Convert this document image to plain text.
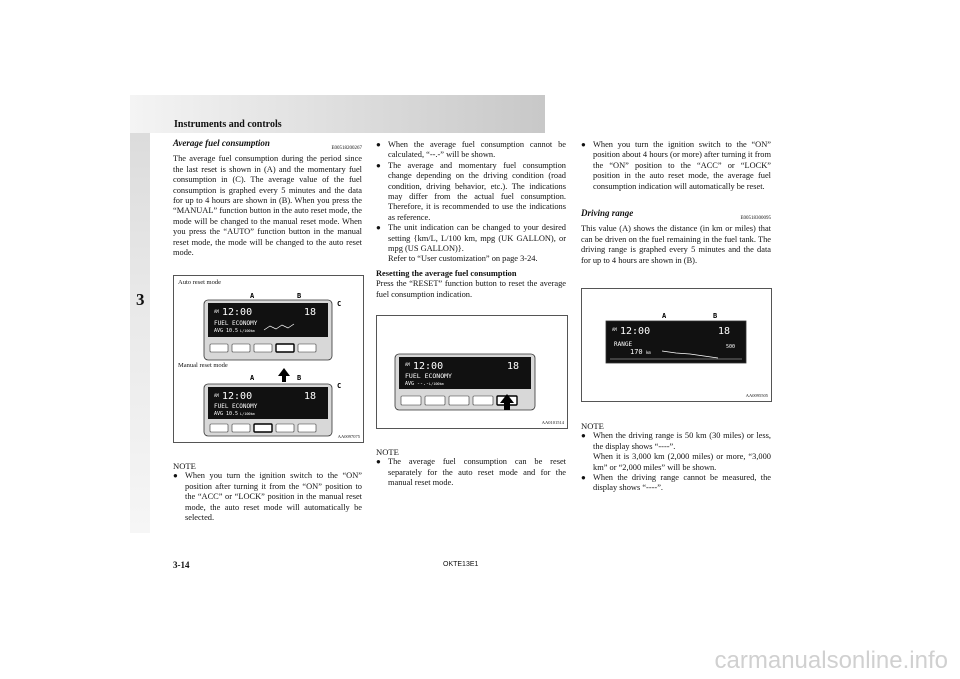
Instruments and controls
3
Average fuel consumption
E00518200267

The average fuel consumption during the period since the last reset is shown in (A) and the momentary fuel consumption in (C). The average value of the fuel consumption is graphed every 5 minutes and the data for up to 4 hours are shown in (B). When you press the “MANUAL” function button in the auto reset mode, the mode will be changed to the manual reset mode. When you press the “AUTO” function button in the manual reset mode, the mode will be changed to the auto reset mode.

Auto reset mode
Manual reset mode
AM 12:00	18
FUEL ECONOMY
AVG 10.5 L/100km
A	B
C
AM 12:00	18
FUEL ECONOMY
AVG 10.5 L/100km
A	B
C
AA0097075

NOTE

●
When you turn the ignition switch to the “ON” position after turning it from the “ON” position to the “ACC” or “LOCK” position in the manual reset mode, the auto reset mode will automatically be selected.

●
When the average fuel consumption cannot be calculated, “--.-” will be shown.

●
The average and momentary fuel consumption change depending on the driving condition (road condition, driving behavior, etc.). The indications may differ from the actual fuel consumption. Therefore, it is recommended to use the indications as reference.

●
The unit indication can be changed to your desired setting {km/L, L/100 km, mpg (UK GALLON), or mpg (US GALLON)}.

Refer to “User customization” on page 3-24.

Resetting the average fuel consumption

Press the “RESET” function button to reset the average fuel consumption indication.

AM 12:00	18
FUEL ECONOMY
AVG --.- L/100km
AA0101514

NOTE

●
The average fuel consumption can be reset separately for the auto reset mode and for the manual reset mode.

●
When you turn the ignition switch to the “ON” position about 4 hours (or more) after turning it from the “ON” position to the “ACC” or “LOCK” position in the auto reset mode, the average fuel consumption indication will automatically be reset.

Driving range
E00518300095

This value (A) shows the distance (in km or miles) that can be driven on the fuel remaining in the fuel tank. The driving range is graphed every 5 minutes and the data for up to 4 hours are shown in (B).

A	B
AM 12:00	18
RANGE
170 km
500
AA0095505

NOTE

●
When the driving range is 50 km (30 miles) or less, the display shows “----”.

When it is 3,000 km (2,000 miles) or more, “3,000 km” or “2,000 miles” will be shown.

●
When the driving range cannot be measured, the display shows “----”.

3-14	OKTE13E1
carmanualsonline.info
